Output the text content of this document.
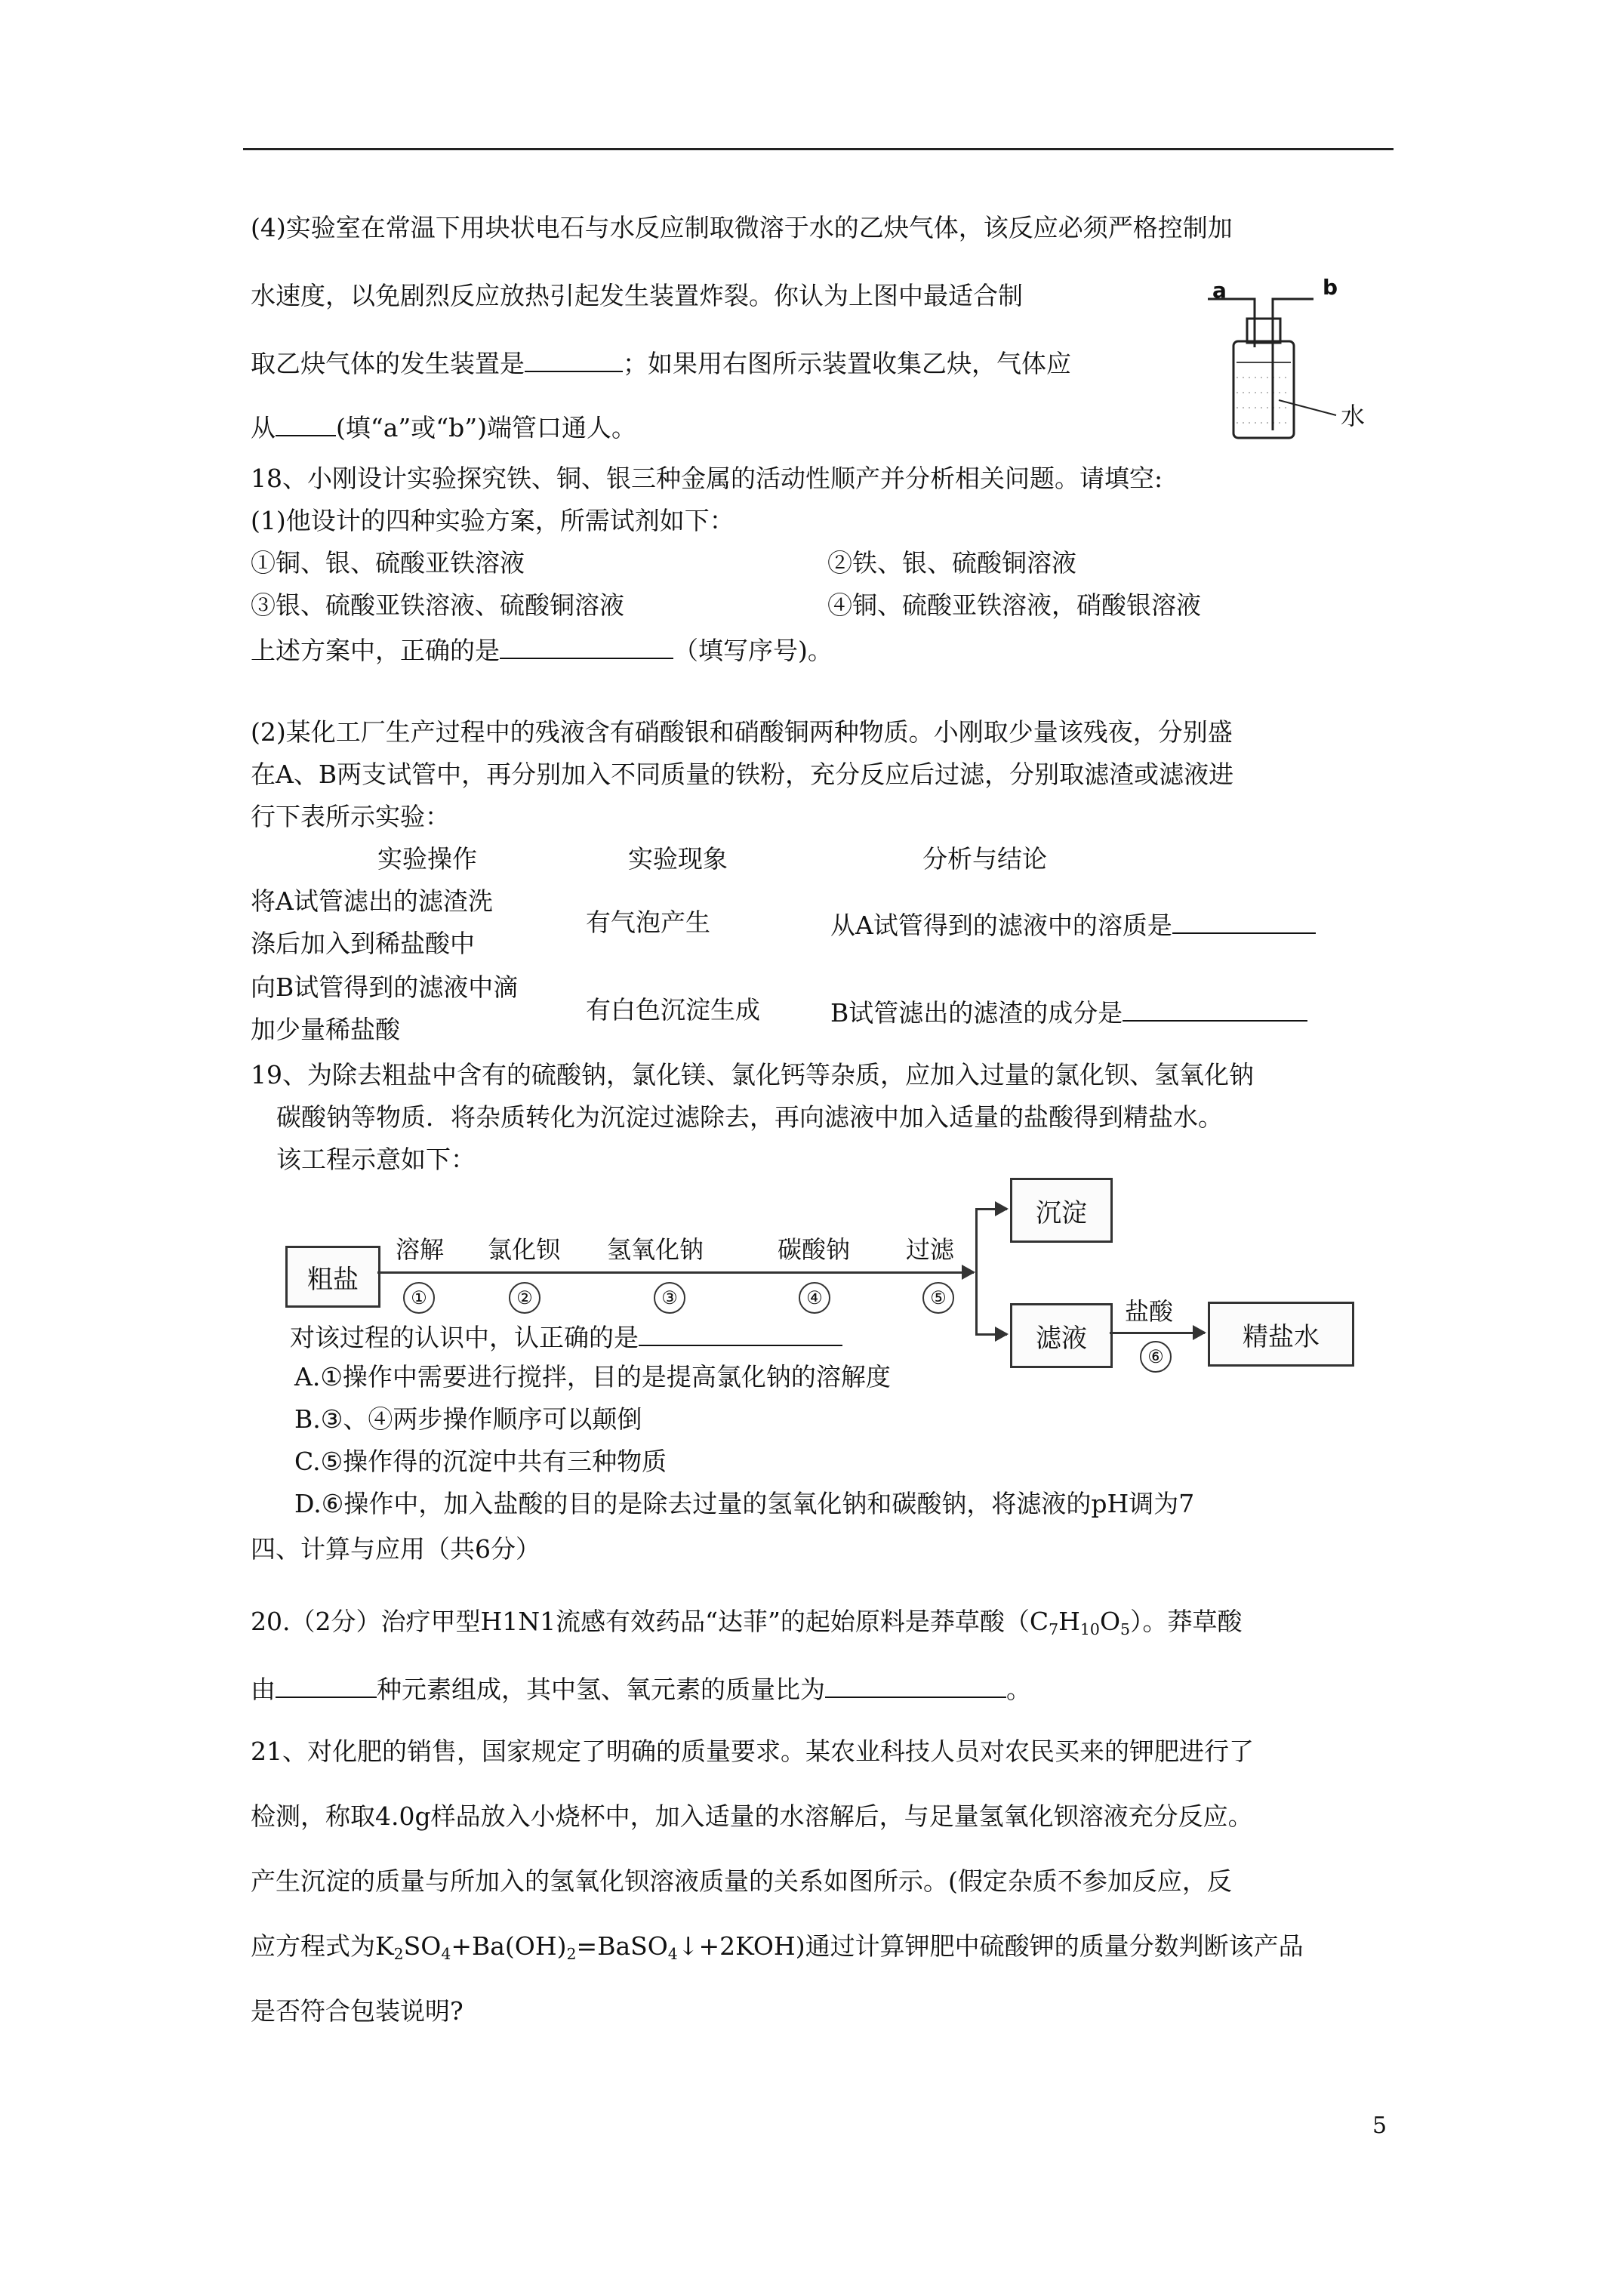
(4)实验室在常温下用块状电石与水反应制取微溶于水的乙炔气体，该反应必须严格控制加
水速度，以免剧烈反应放热引起发生装置炸裂。你认为上图中最适合制
取乙炔气体的发生装置是	；如果用右图所示装置收集乙炔，气体应
从 (填“a”或“b”)端管口通人。
a	b
水
18、小刚设计实验探究铁、铜、银三种金属的活动性顺产并分析相关问题。请填空:
(1)他设计的四种实验方案，所需试剂如下：
①铜、银、硫酸亚铁溶液	②铁、银、硫酸铜溶液
③银、硫酸亚铁溶液、硫酸铜溶液	④铜、硫酸亚铁溶液，硝酸银溶液
上述方案中，正确的是	（填写序号)。
(2)某化工厂生产过程中的残液含有硝酸银和硝酸铜两种物质。小刚取少量该残夜，分别盛
在A、B两支试管中，再分别加入不同质量的铁粉，充分反应后过滤，分别取滤渣或滤液进
行下表所示实验：
实验操作	实验现象	分析与结论
将A试管滤出的滤渣洗
涤后加入到稀盐酸中
有气泡产生	从A试管得到的滤液中的溶质是
向B试管得到的滤液中滴
加少量稀盐酸
有白色沉淀生成	B试管滤出的滤渣的成分是
19、为除去粗盐中含有的硫酸钠，氯化镁、氯化钙等杂质，应加入过量的氯化钡、氢氧化钠
碳酸钠等物质．将杂质转化为沉淀过滤除去，再向滤液中加入适量的盐酸得到精盐水。
该工程示意如下：
粗盐
溶解 氯化钡 氢氧化钠	碳酸钠 过滤
①	②	③	④	⑤
沉淀
滤液
盐酸
⑥
精盐水
对该过程的认识中，认正确的是
A.①操作中需要进行搅拌，目的是提高氯化钠的溶解度
B.③、④两步操作顺序可以颠倒
C.⑤操作得的沉淀中共有三种物质
D.⑥操作中，加入盐酸的目的是除去过量的氢氧化钠和碳酸钠，将滤液的pH调为7
四、计算与应用（共6分）
20.（2分）治疗甲型H1N1流感有效药品“达菲”的起始原料是莽草酸$(C_7H_{10}O_5)$。莽草酸
由	种元素组成，其中氢、氧元素的质量比为	。
21、对化肥的销售，国家规定了明确的质量要求。某农业科技人员对农民买来的钾肥进行了
检测，称取4.0g样品放入小烧杯中，加入适量的水溶解后，与足量氢氧化钡溶液充分反应。
产生沉淀的质量与所加入的氢氧化钡溶液质量的关系如图所示。(假定杂质不参加反应，反
应方程式为$K_2SO_4+Ba(OH)_2=BaSO_4↓+2KOH$)通过计算钾肥中硫酸钾的质量分数判断该产品
是否符合包装说明?
5
